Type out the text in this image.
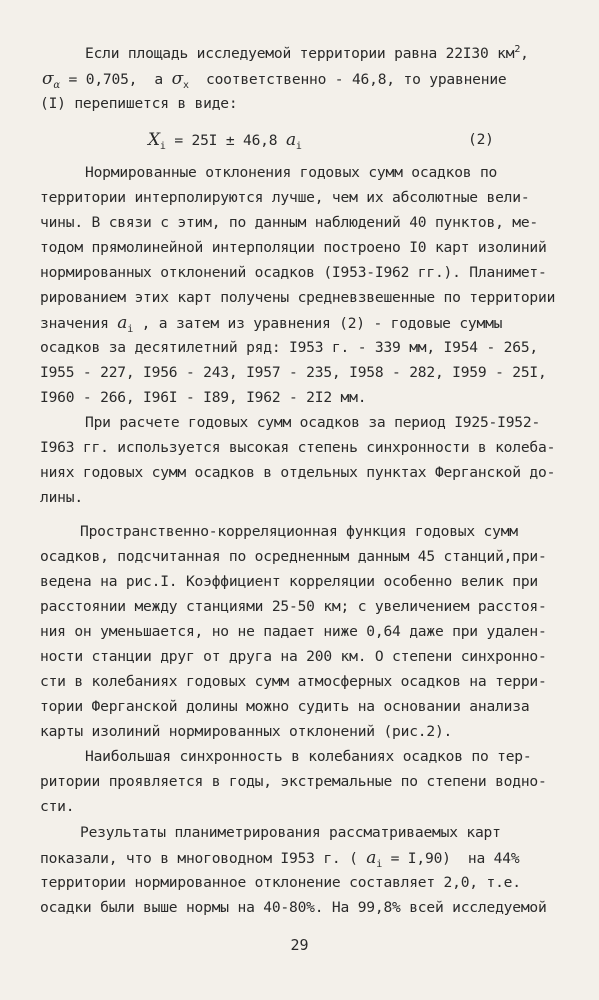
Если площадь исследуемой территории равна 22I30 $км^2$,
$\sigma_\alpha = 0,705$,  а $\sigma_x$  соответственно - 46,8, то уравнение
(I) перепишется в виде:
$X_i = 25I \pm 46,8$ $a_i$	(2)
Нормированные отклонения годовых сумм осадков по
территории интерполируются лучше, чем их абсолютные вели-
чины. В связи с этим, по данным наблюдений 40 пунктов, ме-
тодом прямолинейной интерполяции построено I0 карт изолиний
нормированных отклонений осадков (I953-I962 гг.). Планимет-
рированием этих карт получены средневзвешенные по территории
значения $a_i$ , а затем из уравнения (2) - годовые суммы
осадков за десятилетний ряд: I953 г. - 339 мм, I954 - 265,
I955 - 227, I956 - 243, I957 - 235, I958 - 282, I959 - 25I,
I960 - 266, I96I - I89, I962 - 2I2 мм.
При расчете годовых сумм осадков за период I925-I952-
I963 гг. используется высокая степень синхронности в колеба-
ниях годовых сумм осадков в отдельных пунктах Ферганской до-
лины.
Пространственно-корреляционная функция годовых сумм
осадков, подсчитанная по осредненным данным 45 станций,при-
ведена на рис.I. Коэффициент корреляции особенно велик при
расстоянии между станциями 25-50 км; с увеличением расстоя-
ния он уменьшается, но не падает ниже 0,64 даже при удален-
ности станции друг от друга на 200 км. О степени синхронно-
сти в колебаниях годовых сумм атмосферных осадков на терри-
тории Ферганской долины можно судить на основании анализа
карты изолиний нормированных отклонений (рис.2).
Наибольшая синхронность в колебаниях осадков по тер-
ритории проявляется в годы, экстремальные по степени водно-
сти.
Результаты планиметрирования рассматриваемых карт
показали, что в многоводном I953 г. ( $a_i = I,90$)  на 44%
территории нормированное отклонение составляет 2,0, т.е.
осадки были выше нормы на 40-80%. На 99,8% всей исследуемой
29
